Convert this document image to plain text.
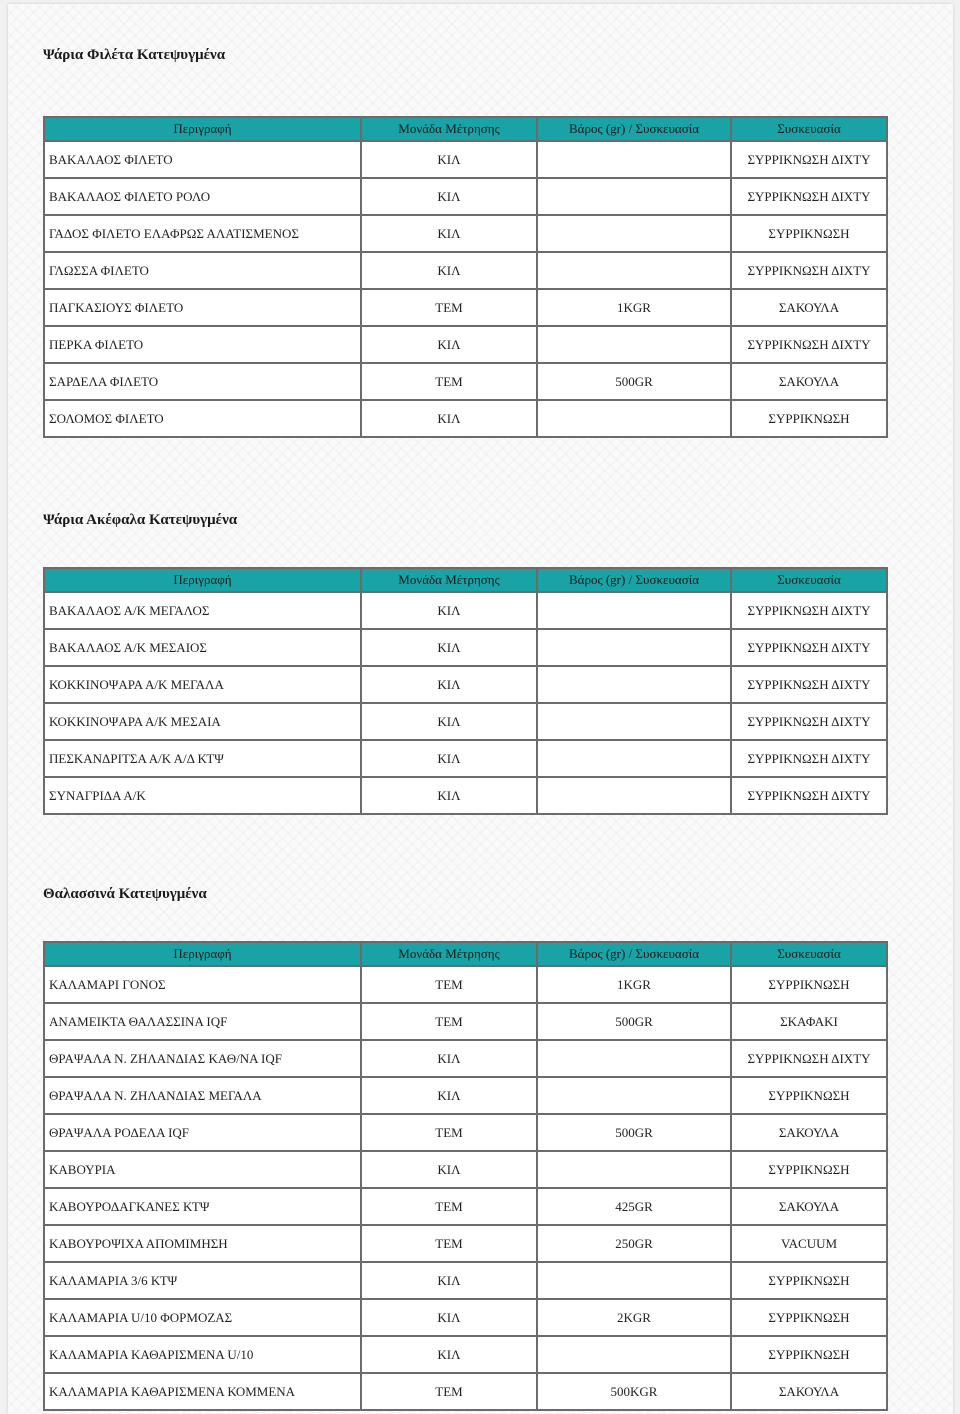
Ψάρια Φιλέτα Κατεψυγμένα
Περιγραφή	Μονάδα Μέτρησης	Βάρος (gr) / Συσκευασία	Συσκευασία
ΒΑΚΑΛΑΟΣ ΦΙΛΕΤΟ	ΚΙΛ		ΣΥΡΡΙΚΝΩΣΗ ΔΙΧΤΥ
ΒΑΚΑΛΑΟΣ ΦΙΛΕΤΟ ΡΟΛΟ	ΚΙΛ		ΣΥΡΡΙΚΝΩΣΗ ΔΙΧΤΥ
ΓΑΔΟΣ ΦΙΛΕΤΟ ΕΛΑΦΡΩΣ ΑΛΑΤΙΣΜΕΝΟΣ	ΚΙΛ		ΣΥΡΡΙΚΝΩΣΗ
ΓΛΩΣΣΑ ΦΙΛΕΤΟ	ΚΙΛ		ΣΥΡΡΙΚΝΩΣΗ ΔΙΧΤΥ
ΠΑΓΚΑΣΙΟΥΣ ΦΙΛΕΤΟ	ΤΕΜ	1KGR	ΣΑΚΟΥΛΑ
ΠΕΡΚΑ ΦΙΛΕΤΟ	ΚΙΛ		ΣΥΡΡΙΚΝΩΣΗ ΔΙΧΤΥ
ΣΑΡΔΕΛΑ ΦΙΛΕΤΟ	ΤΕΜ	500GR	ΣΑΚΟΥΛΑ
ΣΟΛΟΜΟΣ ΦΙΛΕΤΟ	ΚΙΛ		ΣΥΡΡΙΚΝΩΣΗ
Ψάρια Ακέφαλα Κατεψυγμένα
Περιγραφή	Μονάδα Μέτρησης	Βάρος (gr) / Συσκευασία	Συσκευασία
ΒΑΚΑΛΑΟΣ Α/Κ ΜΕΓΑΛΟΣ	ΚΙΛ		ΣΥΡΡΙΚΝΩΣΗ ΔΙΧΤΥ
ΒΑΚΑΛΑΟΣ Α/Κ ΜΕΣΑΙΟΣ	ΚΙΛ		ΣΥΡΡΙΚΝΩΣΗ ΔΙΧΤΥ
ΚΟΚΚΙΝΟΨΑΡΑ Α/Κ ΜΕΓΑΛΑ	ΚΙΛ		ΣΥΡΡΙΚΝΩΣΗ ΔΙΧΤΥ
ΚΟΚΚΙΝΟΨΑΡΑ Α/Κ ΜΕΣΑΙΑ	ΚΙΛ		ΣΥΡΡΙΚΝΩΣΗ ΔΙΧΤΥ
ΠΕΣΚΑΝΔΡΙΤΣΑ Α/Κ Α/Δ ΚΤΨ	ΚΙΛ		ΣΥΡΡΙΚΝΩΣΗ ΔΙΧΤΥ
ΣΥΝΑΓΡΙΔΑ Α/Κ	ΚΙΛ		ΣΥΡΡΙΚΝΩΣΗ ΔΙΧΤΥ
Θαλασσινά Κατεψυγμένα
Περιγραφή	Μονάδα Μέτρησης	Βάρος (gr) / Συσκευασία	Συσκευασία
ΚΑΛΑΜΑΡΙ ΓΟΝΟΣ	ΤΕΜ	1KGR	ΣΥΡΡΙΚΝΩΣΗ
ΑΝΑΜΕΙΚΤΑ ΘΑΛΑΣΣΙΝΑ IQF	ΤΕΜ	500GR	ΣΚΑΦΑΚΙ
ΘΡΑΨΑΛΑ Ν. ΖΗΛΑΝΔΙΑΣ ΚΑΘ/ΝΑ IQF	ΚΙΛ		ΣΥΡΡΙΚΝΩΣΗ ΔΙΧΤΥ
ΘΡΑΨΑΛΑ Ν. ΖΗΛΑΝΔΙΑΣ ΜΕΓΑΛΑ	ΚΙΛ		ΣΥΡΡΙΚΝΩΣΗ
ΘΡΑΨΑΛΑ ΡΟΔΕΛΑ IQF	ΤΕΜ	500GR	ΣΑΚΟΥΛΑ
ΚΑΒΟΥΡΙΑ	ΚΙΛ		ΣΥΡΡΙΚΝΩΣΗ
ΚΑΒΟΥΡΟΔΑΓΚΑΝΕΣ ΚΤΨ	ΤΕΜ	425GR	ΣΑΚΟΥΛΑ
ΚΑΒΟΥΡΟΨΙΧΑ ΑΠΟΜΙΜΗΣΗ	ΤΕΜ	250GR	VACUUM
ΚΑΛΑΜΑΡΙΑ 3/6 ΚΤΨ	ΚΙΛ		ΣΥΡΡΙΚΝΩΣΗ
ΚΑΛΑΜΑΡΙΑ U/10 ΦΟΡΜΟΖΑΣ	ΚΙΛ	2KGR	ΣΥΡΡΙΚΝΩΣΗ
ΚΑΛΑΜΑΡΙΑ ΚΑΘΑΡΙΣΜΕΝΑ U/10	ΚΙΛ		ΣΥΡΡΙΚΝΩΣΗ
ΚΑΛΑΜΑΡΙΑ ΚΑΘΑΡΙΣΜΕΝΑ ΚΟΜΜΕΝΑ	ΤΕΜ	500KGR	ΣΑΚΟΥΛΑ
